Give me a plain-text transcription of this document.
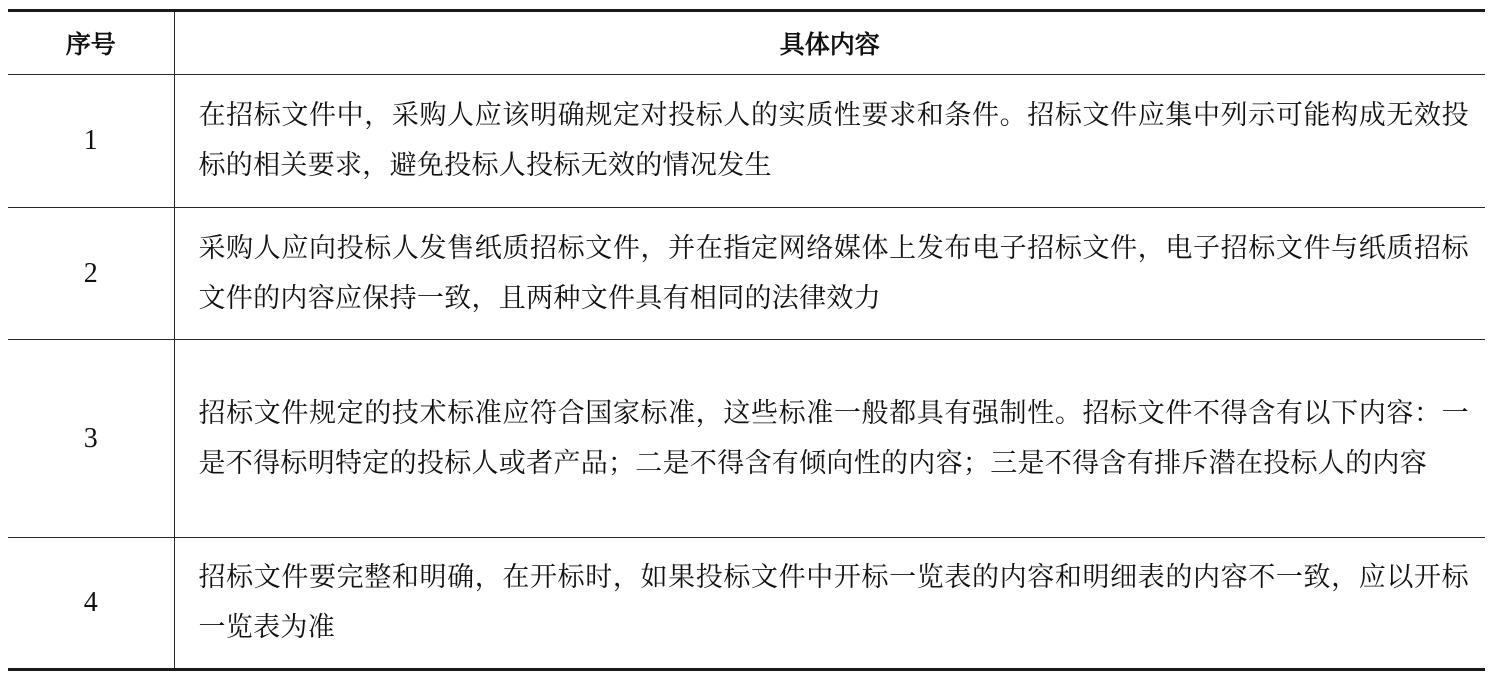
序号	具体内容
1	在招标文件中，采购人应该明确规定对投标人的实质性要求和条件。招标文件应集中列示可能构成无效投标的相关要求，避免投标人投标无效的情况发生
2	采购人应向投标人发售纸质招标文件，并在指定网络媒体上发布电子招标文件，电子招标文件与纸质招标文件的内容应保持一致，且两种文件具有相同的法律效力
3	招标文件规定的技术标准应符合国家标准，这些标准一般都具有强制性。招标文件不得含有以下内容：一是不得标明特定的投标人或者产品；二是不得含有倾向性的内容；三是不得含有排斥潜在投标人的内容
4	招标文件要完整和明确，在开标时，如果投标文件中开标一览表的内容和明细表的内容不一致，应以开标一览表为准
